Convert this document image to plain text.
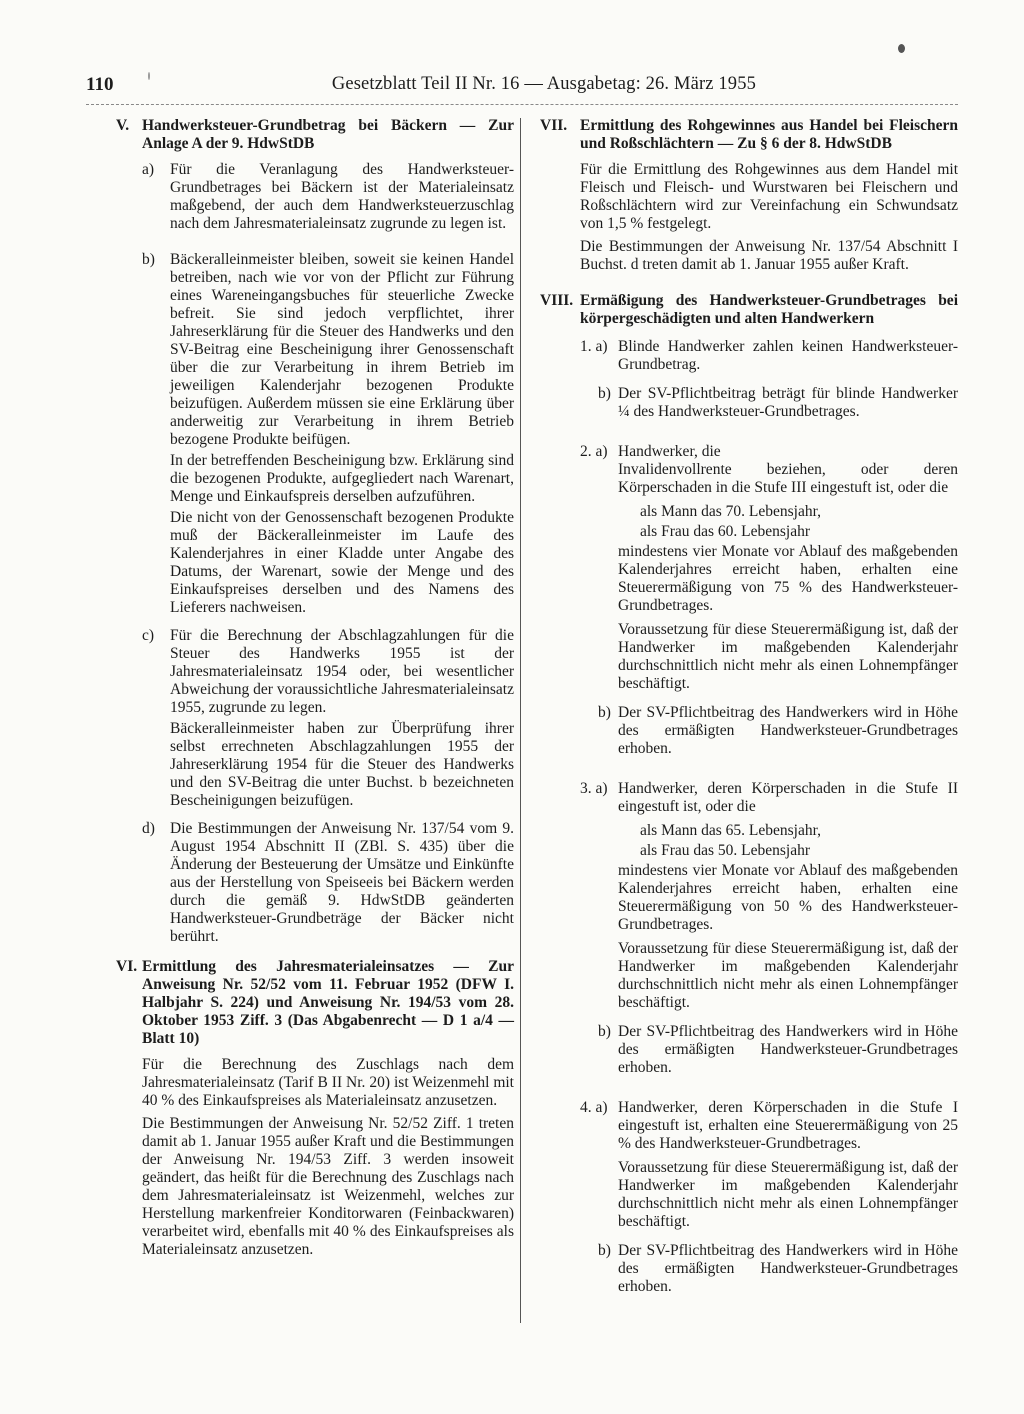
110	Gesetzblatt Teil II Nr. 16 — Ausgabetag: 26. März 1955
V. Handwerksteuer-Grundbetrag bei Bäckern — Zur Anlage A der 9. HdwStDB
a) Für die Veranlagung des Handwerksteuer-Grundbetrages bei Bäckern ist der Materialeinsatz maßgebend, der auch dem Handwerksteuerzuschlag nach dem Jahresmaterialeinsatz zugrunde zu legen ist.

b) Bäckeralleinmeister bleiben, soweit sie keinen Handel betreiben, nach wie vor von der Pflicht zur Führung eines Wareneingangsbuches für steuerliche Zwecke befreit. Sie sind jedoch verpflichtet, ihrer Jahreserklärung für die Steuer des Handwerks und den SV-Beitrag eine Bescheinigung ihrer Genossenschaft über die zur Verarbeitung in ihrem Betrieb im jeweiligen Kalenderjahr bezogenen Produkte beizufügen. Außerdem müssen sie eine Erklärung über anderweitig zur Verarbeitung in ihrem Betrieb bezogene Produkte beifügen.

In der betreffenden Bescheinigung bzw. Erklärung sind die bezogenen Produkte, aufgegliedert nach Warenart, Menge und Einkaufspreis derselben aufzuführen.

Die nicht von der Genossenschaft bezogenen Produkte muß der Bäckeralleinmeister im Laufe des Kalenderjahres in einer Kladde unter Angabe des Datums, der Warenart, sowie der Menge und des Einkaufspreises derselben und des Namens des Lieferers nachweisen.

c) Für die Berechnung der Abschlagzahlungen für die Steuer des Handwerks 1955 ist der Jahresmaterialeinsatz 1954 oder, bei wesentlicher Abweichung der voraussichtliche Jahresmaterialeinsatz 1955, zugrunde zu legen.

Bäckeralleinmeister haben zur Überprüfung ihrer selbst errechneten Abschlagzahlungen 1955 der Jahreserklärung 1954 für die Steuer des Handwerks und den SV-Beitrag die unter Buchst. b bezeichneten Bescheinigungen beizufügen.

d) Die Bestimmungen der Anweisung Nr. 137/54 vom 9. August 1954 Abschnitt II (ZBl. S. 435) über die Änderung der Besteuerung der Umsätze und Einkünfte aus der Herstellung von Speiseeis bei Bäckern werden durch die gemäß 9. HdwStDB geänderten Handwerksteuer-Grundbeträge der Bäcker nicht berührt.

VI. Ermittlung des Jahresmaterialeinsatzes — Zur Anweisung Nr. 52/52 vom 11. Februar 1952 (DFW I. Halbjahr S. 224) und Anweisung Nr. 194/53 vom 28. Oktober 1953 Ziff. 3 (Das Abgabenrecht — D 1 a/4 — Blatt 10)

Für die Berechnung des Zuschlags nach dem Jahresmaterialeinsatz (Tarif B II Nr. 20) ist Weizenmehl mit 40 % des Einkaufspreises als Materialeinsatz anzusetzen.

Die Bestimmungen der Anweisung Nr. 52/52 Ziff. 1 treten damit ab 1. Januar 1955 außer Kraft und die Bestimmungen der Anweisung Nr. 194/53 Ziff. 3 werden insoweit geändert, das heißt für die Berechnung des Zuschlags nach dem Jahresmaterialeinsatz ist Weizenmehl, welches zur Herstellung markenfreier Konditorwaren (Feinbackwaren) verarbeitet wird, ebenfalls mit 40 % des Einkaufspreises als Materialeinsatz anzusetzen.

VII. Ermittlung des Rohgewinnes aus Handel bei Fleischern und Roßschlächtern — Zu § 6 der 8. HdwStDB

Für die Ermittlung des Rohgewinnes aus dem Handel mit Fleisch und Fleisch- und Wurstwaren bei Fleischern und Roßschlächtern wird zur Vereinfachung ein Schwundsatz von 1,5 % festgelegt.

Die Bestimmungen der Anweisung Nr. 137/54 Abschnitt I Buchst. d treten damit ab 1. Januar 1955 außer Kraft.

VIII. Ermäßigung des Handwerksteuer-Grundbetrages bei körpergeschädigten und alten Handwerkern
1. a) Blinde Handwerker zahlen keinen Handwerksteuer-Grundbetrag.

b) Der SV-Pflichtbeitrag beträgt für blinde Handwerker ¼ des Handwerksteuer-Grundbetrages.

2. a) Handwerker, die

Invalidenvollrente beziehen, oder deren Körperschaden in die Stufe III eingestuft ist, oder die

als Mann das 70. Lebensjahr,

als Frau das 60. Lebensjahr

mindestens vier Monate vor Ablauf des maßgebenden Kalenderjahres erreicht haben, erhalten eine Steuerermäßigung von 75 % des Handwerksteuer-Grundbetrages.

Voraussetzung für diese Steuerermäßigung ist, daß der Handwerker im maßgebenden Kalenderjahr durchschnittlich nicht mehr als einen Lohnempfänger beschäftigt.

b) Der SV-Pflichtbeitrag des Handwerkers wird in Höhe des ermäßigten Handwerksteuer-Grundbetrages erhoben.

3. a) Handwerker, deren Körperschaden in die Stufe II eingestuft ist, oder die

als Mann das 65. Lebensjahr,

als Frau das 50. Lebensjahr

mindestens vier Monate vor Ablauf des maßgebenden Kalenderjahres erreicht haben, erhalten eine Steuerermäßigung von 50 % des Handwerksteuer-Grundbetrages.

Voraussetzung für diese Steuerermäßigung ist, daß der Handwerker im maßgebenden Kalenderjahr durchschnittlich nicht mehr als einen Lohnempfänger beschäftigt.

b) Der SV-Pflichtbeitrag des Handwerkers wird in Höhe des ermäßigten Handwerksteuer-Grundbetrages erhoben.

4. a) Handwerker, deren Körperschaden in die Stufe I eingestuft ist, erhalten eine Steuerermäßigung von 25 % des Handwerksteuer-Grundbetrages.

Voraussetzung für diese Steuerermäßigung ist, daß der Handwerker im maßgebenden Kalenderjahr durchschnittlich nicht mehr als einen Lohnempfänger beschäftigt.

b) Der SV-Pflichtbeitrag des Handwerkers wird in Höhe des ermäßigten Handwerksteuer-Grundbetrages erhoben.
